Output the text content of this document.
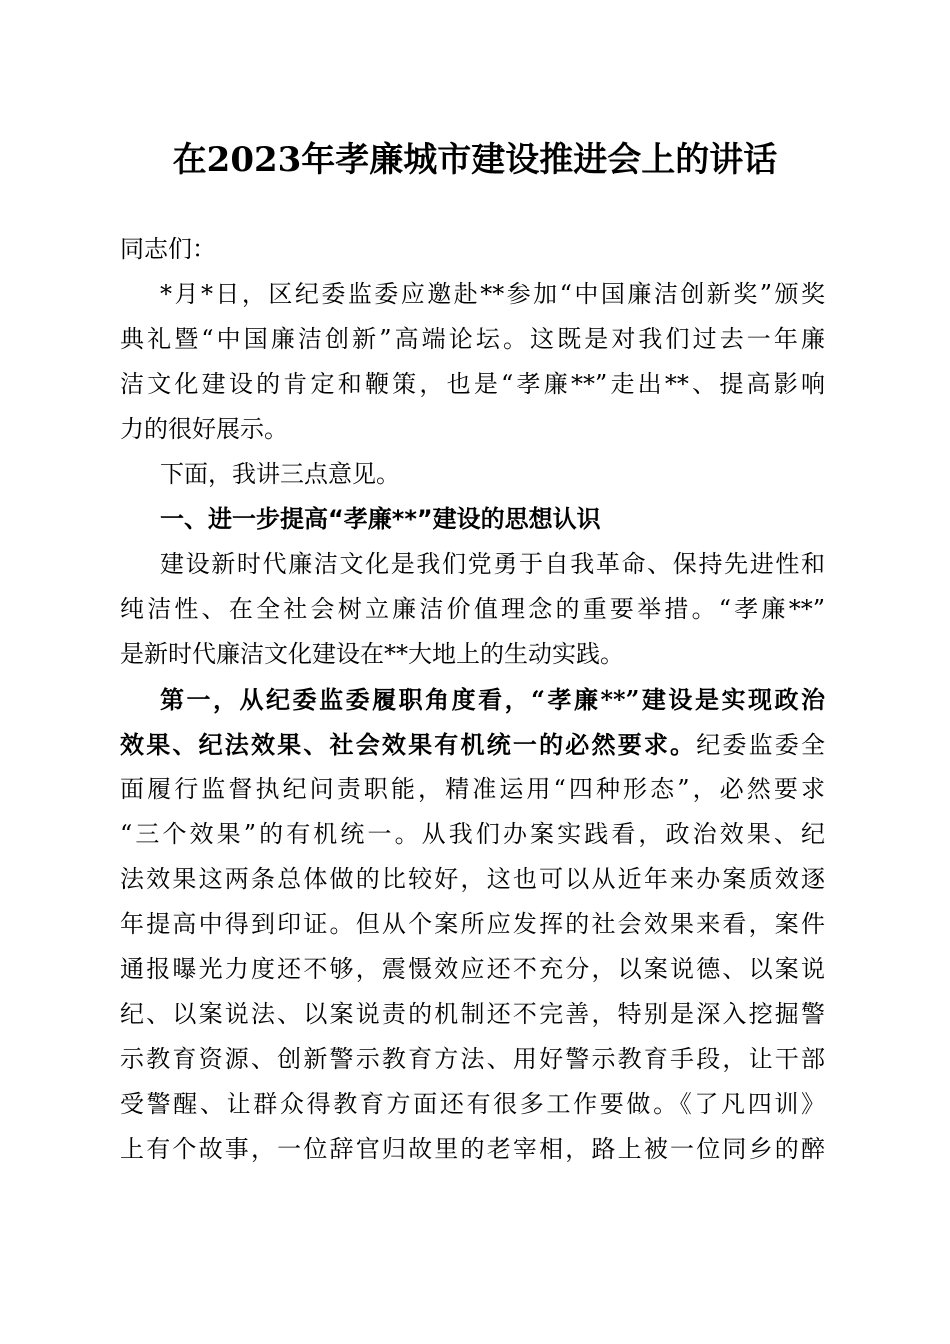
在2023年孝廉城市建设推进会上的讲话
同志们：
*月*日，区纪委监委应邀赴**参加“中国廉洁创新奖”颁奖
典礼暨“中国廉洁创新”高端论坛。这既是对我们过去一年廉
洁文化建设的肯定和鞭策，也是“孝廉**”走出**、提高影响
力的很好展示。
下面，我讲三点意见。
一、进一步提高“孝廉**”建设的思想认识
建设新时代廉洁文化是我们党勇于自我革命、保持先进性和
纯洁性、在全社会树立廉洁价值理念的重要举措。“孝廉**”
是新时代廉洁文化建设在**大地上的生动实践。
第一，从纪委监委履职角度看，“孝廉**”建设是实现政治
效果、纪法效果、社会效果有机统一的必然要求。纪委监委全
面履行监督执纪问责职能，精准运用“四种形态”，必然要求
“三个效果”的有机统一。从我们办案实践看，政治效果、纪
法效果这两条总体做的比较好，这也可以从近年来办案质效逐
年提高中得到印证。但从个案所应发挥的社会效果来看，案件
通报曝光力度还不够，震慑效应还不充分，以案说德、以案说
纪、以案说法、以案说责的机制还不完善，特别是深入挖掘警
示教育资源、创新警示教育方法、用好警示教育手段，让干部
受警醒、让群众得教育方面还有很多工作要做。《了凡四训》
上有个故事，一位辞官归故里的老宰相，路上被一位同乡的醉
